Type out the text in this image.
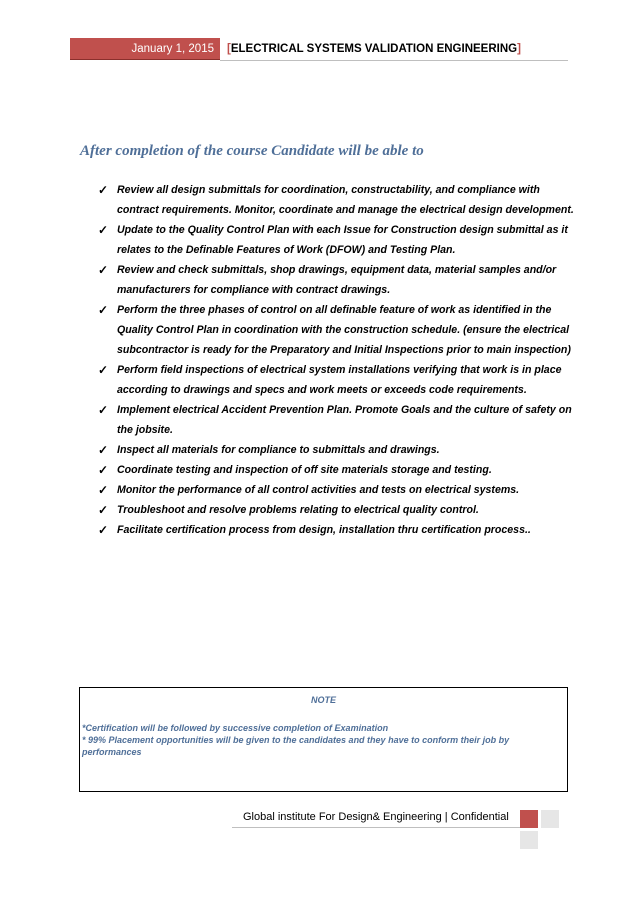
January 1, 2015	[ELECTRICAL SYSTEMS VALIDATION ENGINEERING]
After completion of the course Candidate will be able to
✓ Review all design submittals for coordination, constructability, and compliance with contract requirements. Monitor, coordinate and manage the electrical design development.
✓ Update to the Quality Control Plan with each Issue for Construction design submittal as it relates to the Definable Features of Work (DFOW) and Testing Plan.
✓ Review and check submittals, shop drawings, equipment data, material samples and/or manufacturers for compliance with contract drawings.
✓ Perform the three phases of control on all definable feature of work as identified in the Quality Control Plan in coordination with the construction schedule. (ensure the electrical subcontractor is ready for the Preparatory and Initial Inspections prior to main inspection)
✓ Perform field inspections of electrical system installations verifying that work is in place according to drawings and specs and work meets or exceeds code requirements.
✓ Implement electrical Accident Prevention Plan. Promote Goals and the culture of safety on the jobsite.
✓ Inspect all materials for compliance to submittals and drawings.
✓ Coordinate testing and inspection of off site materials storage and testing.
✓ Monitor the performance of all control activities and tests on electrical systems.
✓ Troubleshoot and resolve problems relating to electrical quality control.
✓ Facilitate certification process from design, installation thru certification process..
NOTE
*Certification will be followed by successive completion of Examination
* 99% Placement opportunities will be given to the candidates and they have to conform their job by performances
Global institute For Design& Engineering | Confidential
